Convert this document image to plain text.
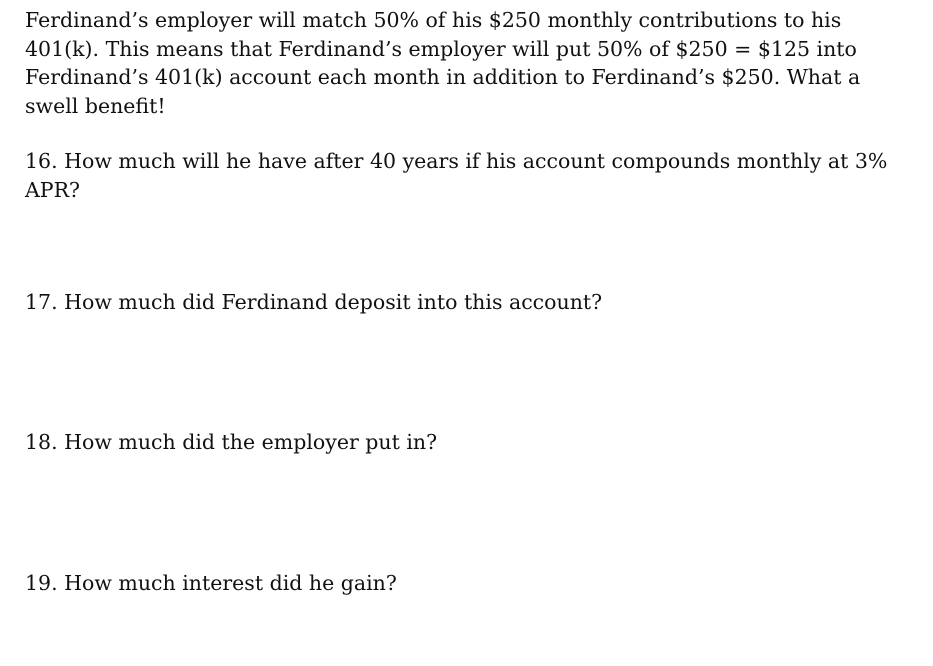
Ferdinand’s employer will match 50% of his $250 monthly contributions to his
401(k). This means that Ferdinand’s employer will put 50% of $250 = $125 into
Ferdinand’s 401(k) account each month in addition to Ferdinand’s $250. What a
swell benefit!

16. How much will he have after 40 years if his account compounds monthly at 3%
APR?

17. How much did Ferdinand deposit into this account?

18. How much did the employer put in?

19. How much interest did he gain?
